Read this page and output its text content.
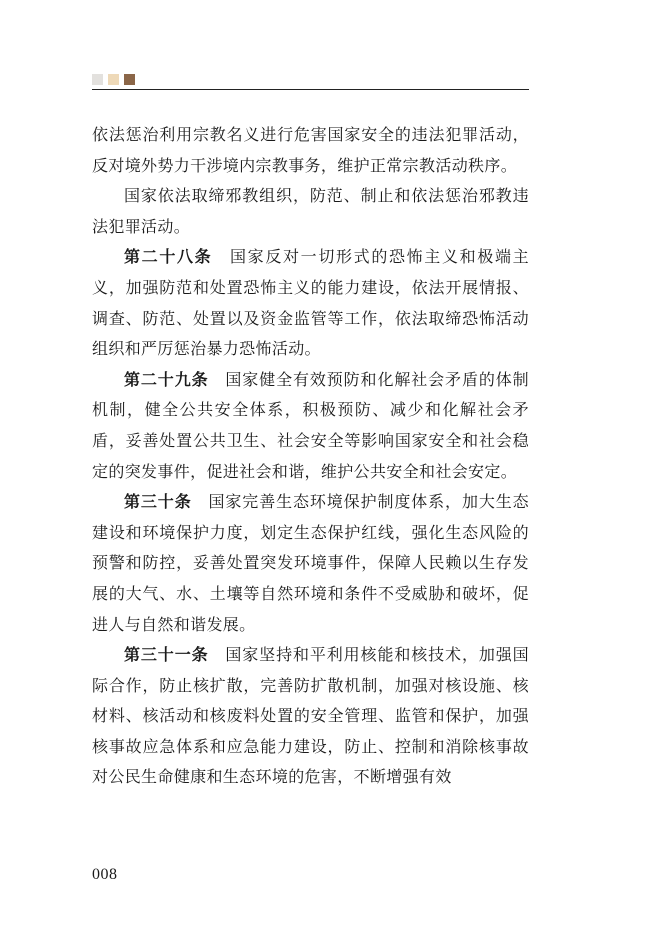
依法惩治利用宗教名义进行危害国家安全的违法犯罪活动，反对境外势力干涉境内宗教事务，维护正常宗教活动秩序。

国家依法取缔邪教组织，防范、制止和依法惩治邪教违法犯罪活动。

第二十八条　 国家反对一切形式的恐怖主义和极端主义，加强防范和处置恐怖主义的能力建设，依法开展情报、调查、防范、处置以及资金监管等工作，依法取缔恐怖活动组织和严厉惩治暴力恐怖活动。

第二十九条　 国家健全有效预防和化解社会矛盾的体制机制，健全公共安全体系，积极预防、减少和化解社会矛盾，妥善处置公共卫生、社会安全等影响国家安全和社会稳定的突发事件，促进社会和谐，维护公共安全和社会安定。

第三十条　 国家完善生态环境保护制度体系，加大生态建设和环境保护力度，划定生态保护红线，强化生态风险的预警和防控，妥善处置突发环境事件，保障人民赖以生存发展的大气、水、土壤等自然环境和条件不受威胁和破坏，促进人与自然和谐发展。

第三十一条　 国家坚持和平利用核能和核技术，加强国际合作，防止核扩散，完善防扩散机制，加强对核设施、核材料、核活动和核废料处置的安全管理、监管和保护，加强核事故应急体系和应急能力建设，防止、控制和消除核事故对公民生命健康和生态环境的危害，不断增强有效

008
